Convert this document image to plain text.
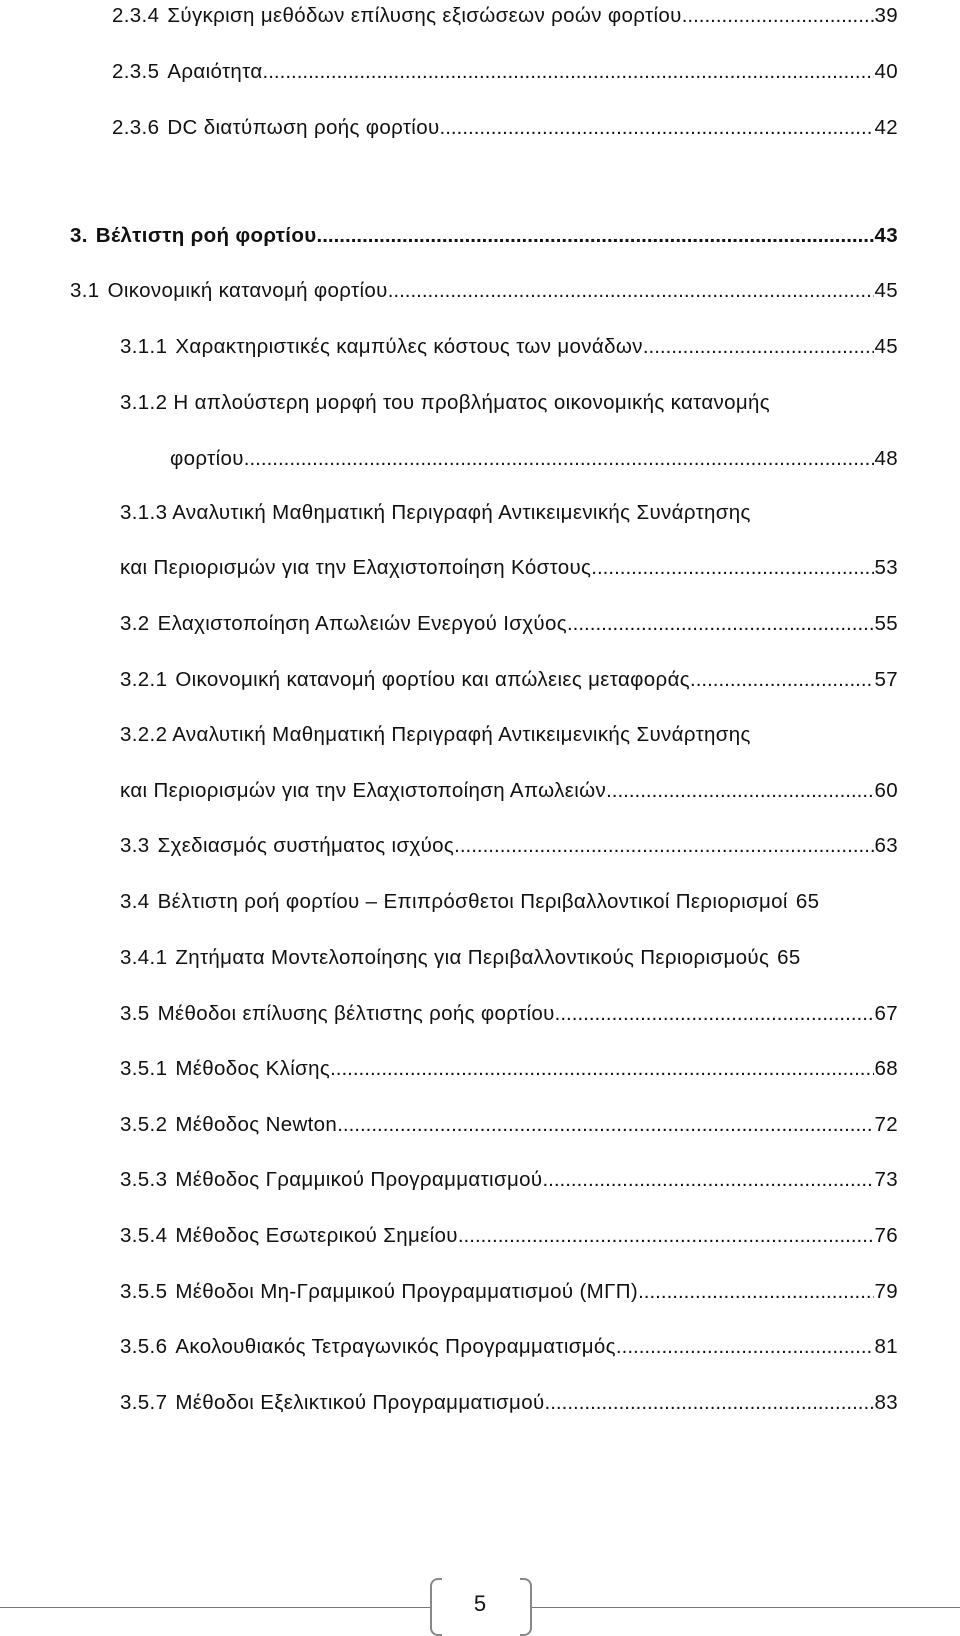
2.3.4 Σύγκριση μεθόδων επίλυσης εξισώσεων ροών φορτίου .....	39
2.3.5 Αραιότητα .....	40
2.3.6 DC διατύπωση ροής φορτίου .....	42
3. Βέλτιστη ροή φορτίου .....	43
3.1 Οικονομική κατανομή φορτίου .....	45
3.1.1 Χαρακτηριστικές καμπύλες κόστους των μονάδων .....	45
3.1.2 Η απλούστερη μορφή του προβλήματος οικονομικής κατανομής
φορτίου .....	48
3.1.3 Αναλυτική Μαθηματική Περιγραφή Αντικειμενικής Συνάρτησης
και Περιορισμών για την Ελαχιστοποίηση Κόστους .....	53
3.2 Ελαχιστοποίηση Απωλειών Ενεργού Ισχύος .....	55
3.2.1 Οικονομική κατανομή φορτίου και απώλειες μεταφοράς .....	57
3.2.2 Αναλυτική Μαθηματική Περιγραφή Αντικειμενικής Συνάρτησης
και Περιορισμών για την Ελαχιστοποίηση Απωλειών .....	60
3.3 Σχεδιασμός συστήματος ισχύος .....	63
3.4 Βέλτιστη ροή φορτίου – Επιπρόσθετοι Περιβαλλοντικοί Περιορισμοί 65
3.4.1 Ζητήματα Μοντελοποίησης για Περιβαλλοντικούς Περιορισμούς 65
3.5 Μέθοδοι επίλυσης βέλτιστης ροής φορτίου .....	67
3.5.1 Μέθοδος Κλίσης .....	68
3.5.2 Μέθοδος Newton .....	72
3.5.3 Μέθοδος Γραμμικού Προγραμματισμού .....	73
3.5.4 Μέθοδος Εσωτερικού Σημείου .....	76
3.5.5 Μέθοδοι Μη-Γραμμικού Προγραμματισμού (ΜΓΠ) .....	79
3.5.6 Ακολουθιακός Τετραγωνικός Προγραμματισμός .....	81
3.5.7 Μέθοδοι Εξελικτικού Προγραμματισμού .....	83
5
